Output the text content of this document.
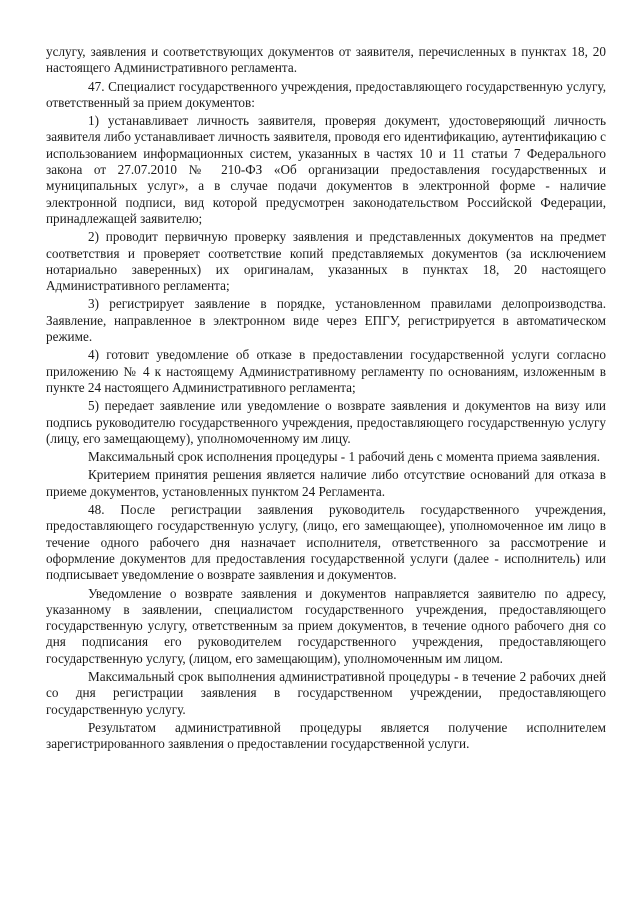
услугу, заявления и соответствующих документов от заявителя, перечисленных в пунктах 18, 20 настоящего Административного регламента.

47. Специалист государственного учреждения, предоставляющего государственную услугу, ответственный за прием документов:

1) устанавливает личность заявителя, проверяя документ, удостоверяющий личность заявителя либо устанавливает личность заявителя, проводя его идентификацию, аутентификацию с использованием информационных систем, указанных в частях 10 и 11 статьи 7 Федерального закона от 27.07.2010 № 210-ФЗ «Об организации предоставления государственных и муниципальных услуг», а в случае подачи документов в электронной форме - наличие электронной подписи, вид которой предусмотрен законодательством Российской Федерации, принадлежащей заявителю;

2) проводит первичную проверку заявления и представленных документов на предмет соответствия и проверяет соответствие копий представляемых документов (за исключением нотариально заверенных) их оригиналам, указанных в пунктах 18, 20 настоящего Административного регламента;

3) регистрирует заявление в порядке, установленном правилами делопроизводства. Заявление, направленное в электронном виде через ЕПГУ, регистрируется в автоматическом режиме.

4) готовит уведомление об отказе в предоставлении государственной услуги согласно приложению № 4 к настоящему Административному регламенту по основаниям, изложенным в пункте 24 настоящего Административного регламента;

5) передает заявление или уведомление о возврате заявления и документов на визу или подпись руководителю государственного учреждения, предоставляющего государственную услугу (лицу, его замещающему), уполномоченному им лицу.

Максимальный срок исполнения процедуры - 1 рабочий день с момента приема заявления.

Критерием принятия решения является наличие либо отсутствие оснований для отказа в приеме документов, установленных пунктом 24 Регламента.

48. После регистрации заявления руководитель государственного учреждения, предоставляющего государственную услугу, (лицо, его замещающее), уполномоченное им лицо в течение одного рабочего дня назначает исполнителя, ответственного за рассмотрение и оформление документов для предоставления государственной услуги (далее - исполнитель) или подписывает уведомление о возврате заявления и документов.

Уведомление о возврате заявления и документов направляется заявителю по адресу, указанному в заявлении, специалистом государственного учреждения, предоставляющего государственную услугу, ответственным за прием документов, в течение одного рабочего дня со дня подписания его руководителем государственного учреждения, предоставляющего государственную услугу, (лицом, его замещающим), уполномоченным им лицом.

Максимальный срок выполнения административной процедуры - в течение 2 рабочих дней со дня регистрации заявления в государственном учреждении, предоставляющего государственную услугу.

Результатом административной процедуры является получение исполнителем зарегистрированного заявления о предоставлении государственной услуги.
